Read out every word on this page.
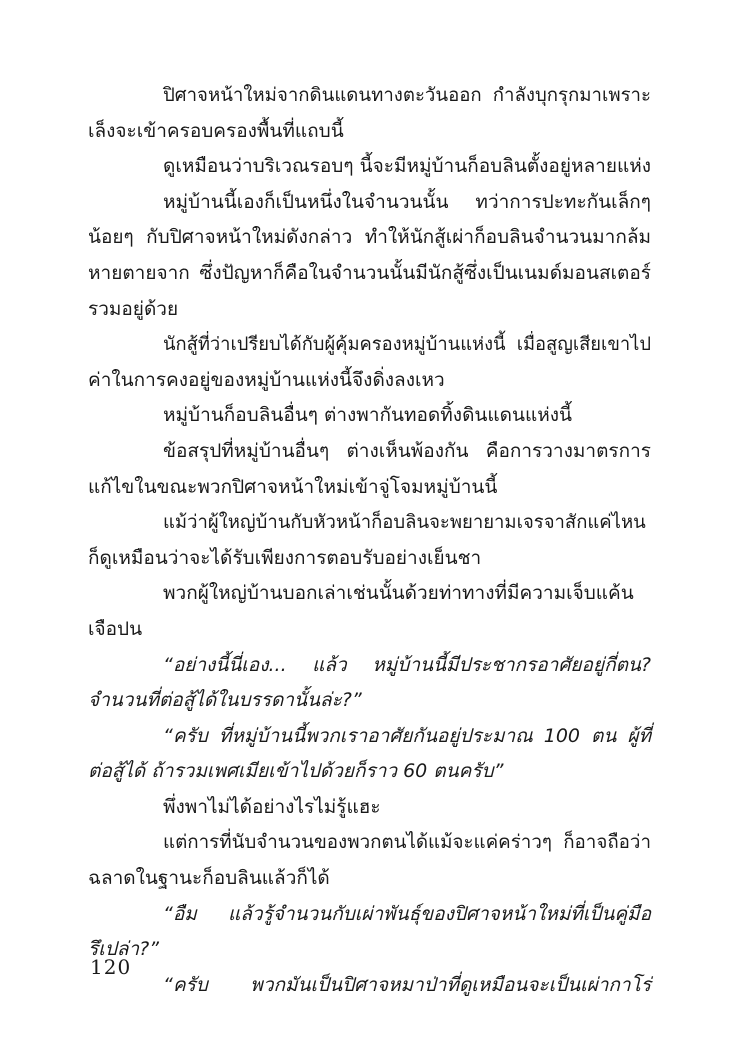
ปิศาจหน้าใหม่จากดินแดนทางตะวันออก กำลังบุกรุกมาเพราะ
เล็งจะเข้าครอบครองพื้นที่แถบนี้
ดูเหมือนว่าบริเวณรอบๆ นี้จะมีหมู่บ้านก็อบลินตั้งอยู่หลายแห่ง
หมู่บ้านนี้เองก็เป็นหนึ่งในจำนวนนั้น ทว่าการปะทะกันเล็กๆ
น้อยๆ กับปิศาจหน้าใหม่ดังกล่าว ทำให้นักสู้เผ่าก็อบลินจำนวนมากล้ม
หายตายจาก ซึ่งปัญหาก็คือในจำนวนนั้นมีนักสู้ซึ่งเป็นเนมด์มอนสเตอร์
รวมอยู่ด้วย
นักสู้ที่ว่าเปรียบได้กับผู้คุ้มครองหมู่บ้านแห่งนี้ เมื่อสูญเสียเขาไป
ค่าในการคงอยู่ของหมู่บ้านแห่งนี้จึงดิ่งลงเหว
หมู่บ้านก็อบลินอื่นๆ ต่างพากันทอดทิ้งดินแดนแห่งนี้
ข้อสรุปที่หมู่บ้านอื่นๆ ต่างเห็นพ้องกัน คือการวางมาตรการ
แก้ไขในขณะพวกปิศาจหน้าใหม่เข้าจู่โจมหมู่บ้านนี้
แม้ว่าผู้ใหญ่บ้านกับหัวหน้าก็อบลินจะพยายามเจรจาสักแค่ไหน
ก็ดูเหมือนว่าจะได้รับเพียงการตอบรับอย่างเย็นชา
พวกผู้ใหญ่บ้านบอกเล่าเช่นนั้นด้วยท่าทางที่มีความเจ็บแค้น
เจือปน
“อย่างนี้นี่เอง... แล้ว หมู่บ้านนี้มีประชากรอาศัยอยู่กี่ตน?
จำนวนที่ต่อสู้ได้ในบรรดานั้นล่ะ?”
“ครับ ที่หมู่บ้านนี้พวกเราอาศัยกันอยู่ประมาณ 100 ตน ผู้ที่
ต่อสู้ได้ ถ้ารวมเพศเมียเข้าไปด้วยก็ราว 60 ตนครับ”
พึ่งพาไม่ได้อย่างไรไม่รู้แฮะ
แต่การที่นับจำนวนของพวกตนได้แม้จะแค่คร่าวๆ ก็อาจถือว่า
ฉลาดในฐานะก็อบลินแล้วก็ได้
“อืม แล้วรู้จำนวนกับเผ่าพันธุ์ของปิศาจหน้าใหม่ที่เป็นคู่มือ
รึเปล่า?”
“ครับ พวกมันเป็นปิศาจหมาป่าที่ดูเหมือนจะเป็นเผ่ากาโร่
120
